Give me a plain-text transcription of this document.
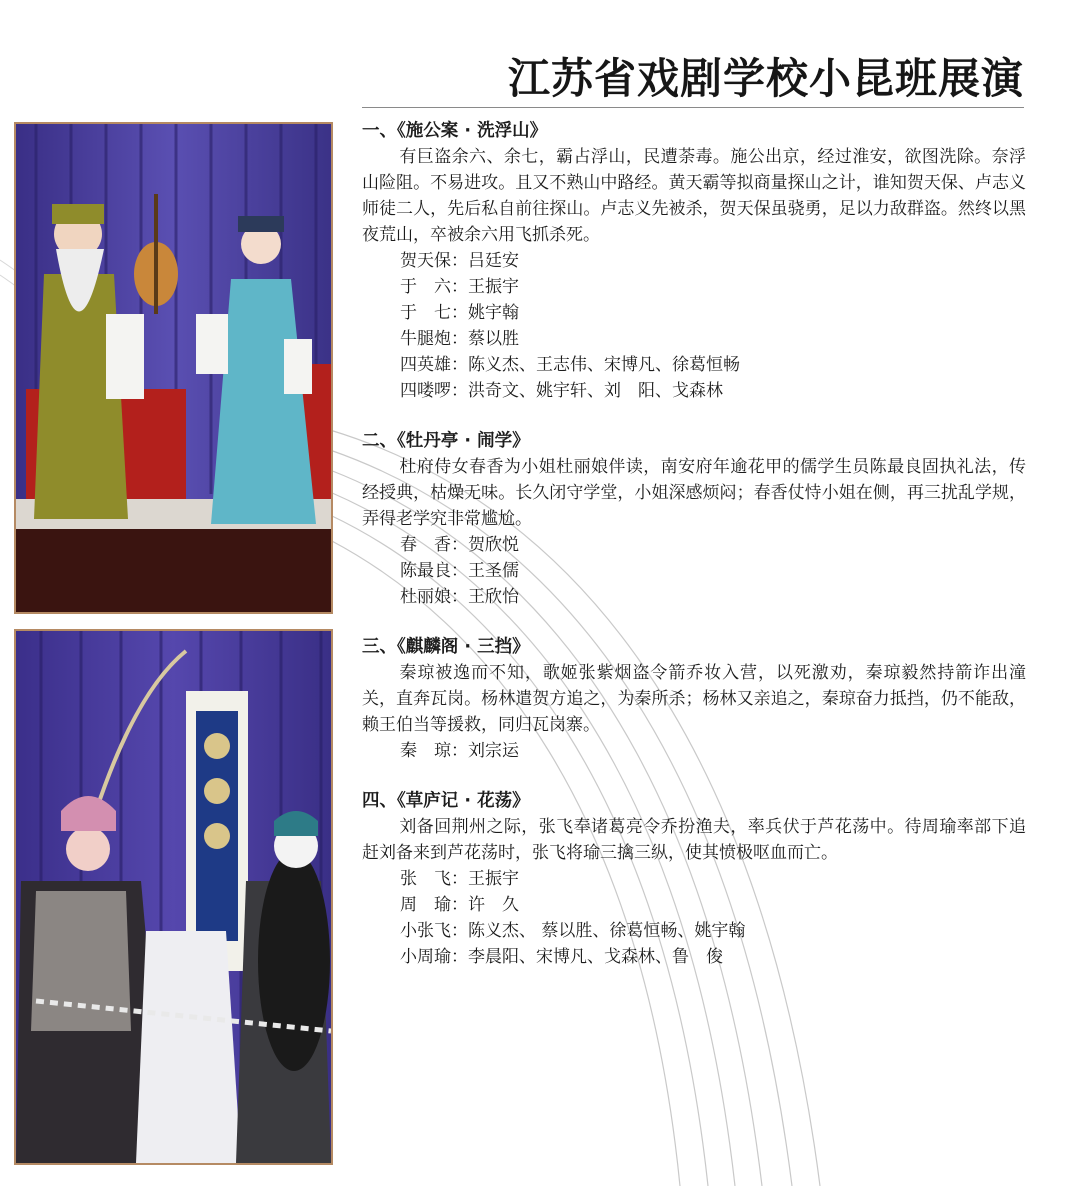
江苏省戏剧学校小昆班展演

一、《施公案 · 洗浮山》

有巨盗余六、余七，霸占浮山，民遭荼毒。施公出京，经过淮安，欲图洗除。奈浮山险阻。不易进攻。且又不熟山中路经。黄天霸等拟商量探山之计，谁知贺天保、卢志义师徒二人，先后私自前往探山。卢志义先被杀，贺天保虽骁勇，足以力敌群盗。然终以黑夜荒山，卒被余六用飞抓杀死。

贺天保：吕廷安
于　六：王振宇
于　七：姚宇翰
牛腿炮：蔡以胜
四英雄：陈义杰、王志伟、宋博凡、徐葛恒畅
四喽啰：洪奇文、姚宇轩、刘　阳、戈森林

二、《牡丹亭 · 闹学》

杜府侍女春香为小姐杜丽娘伴读，南安府年逾花甲的儒学生员陈最良固执礼法，传经授典，枯燥无味。长久闭守学堂，小姐深感烦闷；春香仗恃小姐在侧，再三扰乱学规，弄得老学究非常尴尬。

春　香：贺欣悦
陈最良：王圣儒
杜丽娘：王欣怡

三、《麒麟阁 · 三挡》

秦琼被逸而不知，歌姬张紫烟盗令箭乔妆入营，以死激劝，秦琼毅然持箭诈出潼关，直奔瓦岗。杨林遣贺方追之，为秦所杀；杨林又亲追之，秦琼奋力抵挡，仍不能敌，赖王伯当等援救，同归瓦岗寨。

秦　琼：刘宗运

四、《草庐记 · 花荡》

刘备回荆州之际，张飞奉诸葛亮令乔扮渔夫，率兵伏于芦花荡中。待周瑜率部下追赶刘备来到芦花荡时，张飞将瑜三擒三纵，使其愤极呕血而亡。

张　飞：王振宇
周　瑜：许　久
小张飞：陈义杰、 蔡以胜、徐葛恒畅、姚宇翰
小周瑜：李晨阳、宋博凡、戈森林、鲁　俊
